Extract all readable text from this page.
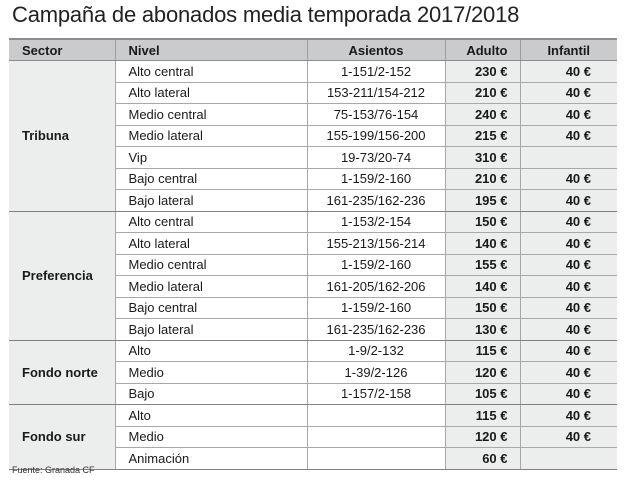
Campaña de abonados media temporada 2017/2018
Sector	Nivel	Asientos	Adulto	Infantil
Tribuna	Alto central	1-151/2-152	230 €	40 €
	Alto lateral	153-211/154-212	210 €	40 €
	Medio central	75-153/76-154	240 €	40 €
	Medio lateral	155-199/156-200	215 €	40 €
	Vip	19-73/20-74	310 €	
	Bajo central	1-159/2-160	210 €	40 €
	Bajo lateral	161-235/162-236	195 €	40 €
Preferencia	Alto central	1-153/2-154	150 €	40 €
	Alto lateral	155-213/156-214	140 €	40 €
	Medio central	1-159/2-160	155 €	40 €
	Medio lateral	161-205/162-206	140 €	40 €
	Bajo central	1-159/2-160	150 €	40 €
	Bajo lateral	161-235/162-236	130 €	40 €
Fondo norte	Alto	1-9/2-132	115 €	40 €
	Medio	1-39/2-126	120 €	40 €
	Bajo	1-157/2-158	105 €	40 €
Fondo sur	Alto		115 €	40 €
	Medio		120 €	40 €
	Animación		60 €	
Fuente: Granada CF
